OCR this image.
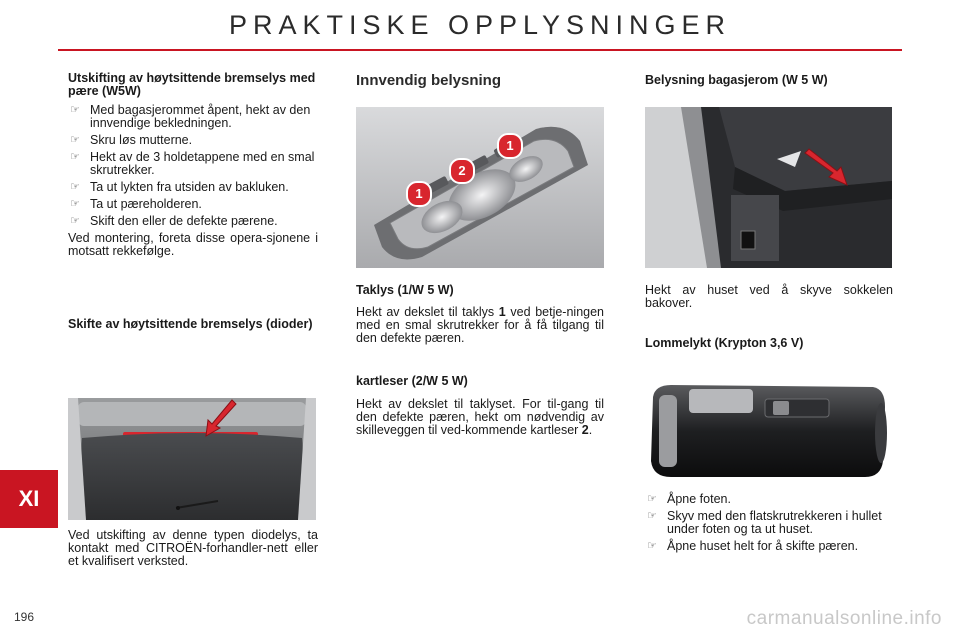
PRAKTISKE OPPLYSNINGER
Utskifting av høytsittende bremselys med pære (W5W)
☞ Med bagasjerommet åpent, hekt av den innvendige bekledningen.
☞ Skru løs mutterne.
☞ Hekt av de 3 holdetappene med en smal skrutrekker.
☞ Ta ut lykten fra utsiden av bakluken.
☞ Ta ut pæreholderen.
☞ Skift den eller de defekte pærene.

Ved montering, foreta disse opera-sjonene i motsatt rekkefølge.

Skifte av høytsittende bremselys (dioder)

Ved utskifting av denne typen diodelys, ta kontakt med CITROËN-forhandler-nett eller et kvalifisert verksted.

Innvendig belysning
1
2
1
Taklys (1/W 5 W)

Hekt av dekslet til taklys 1 ved betje-ningen med en smal skrutrekker for å få tilgang til den defekte pæren.

kartleser (2/W 5 W)

Hekt av dekslet til taklyset. For til-gang til den defekte pæren, hekt om nødvendig av skilleveggen til ved-kommende kartleser 2.

Belysning bagasjerom (W 5 W)

Hekt av huset ved å skyve sokkelen bakover.

Lommelykt (Krypton 3,6 V)
☞ Åpne foten.
☞ Skyv med den flatskrutrekkeren i hullet under foten og ta ut huset.
☞ Åpne huset helt for å skifte pæren.
XI
196	carmanualsonline.info
